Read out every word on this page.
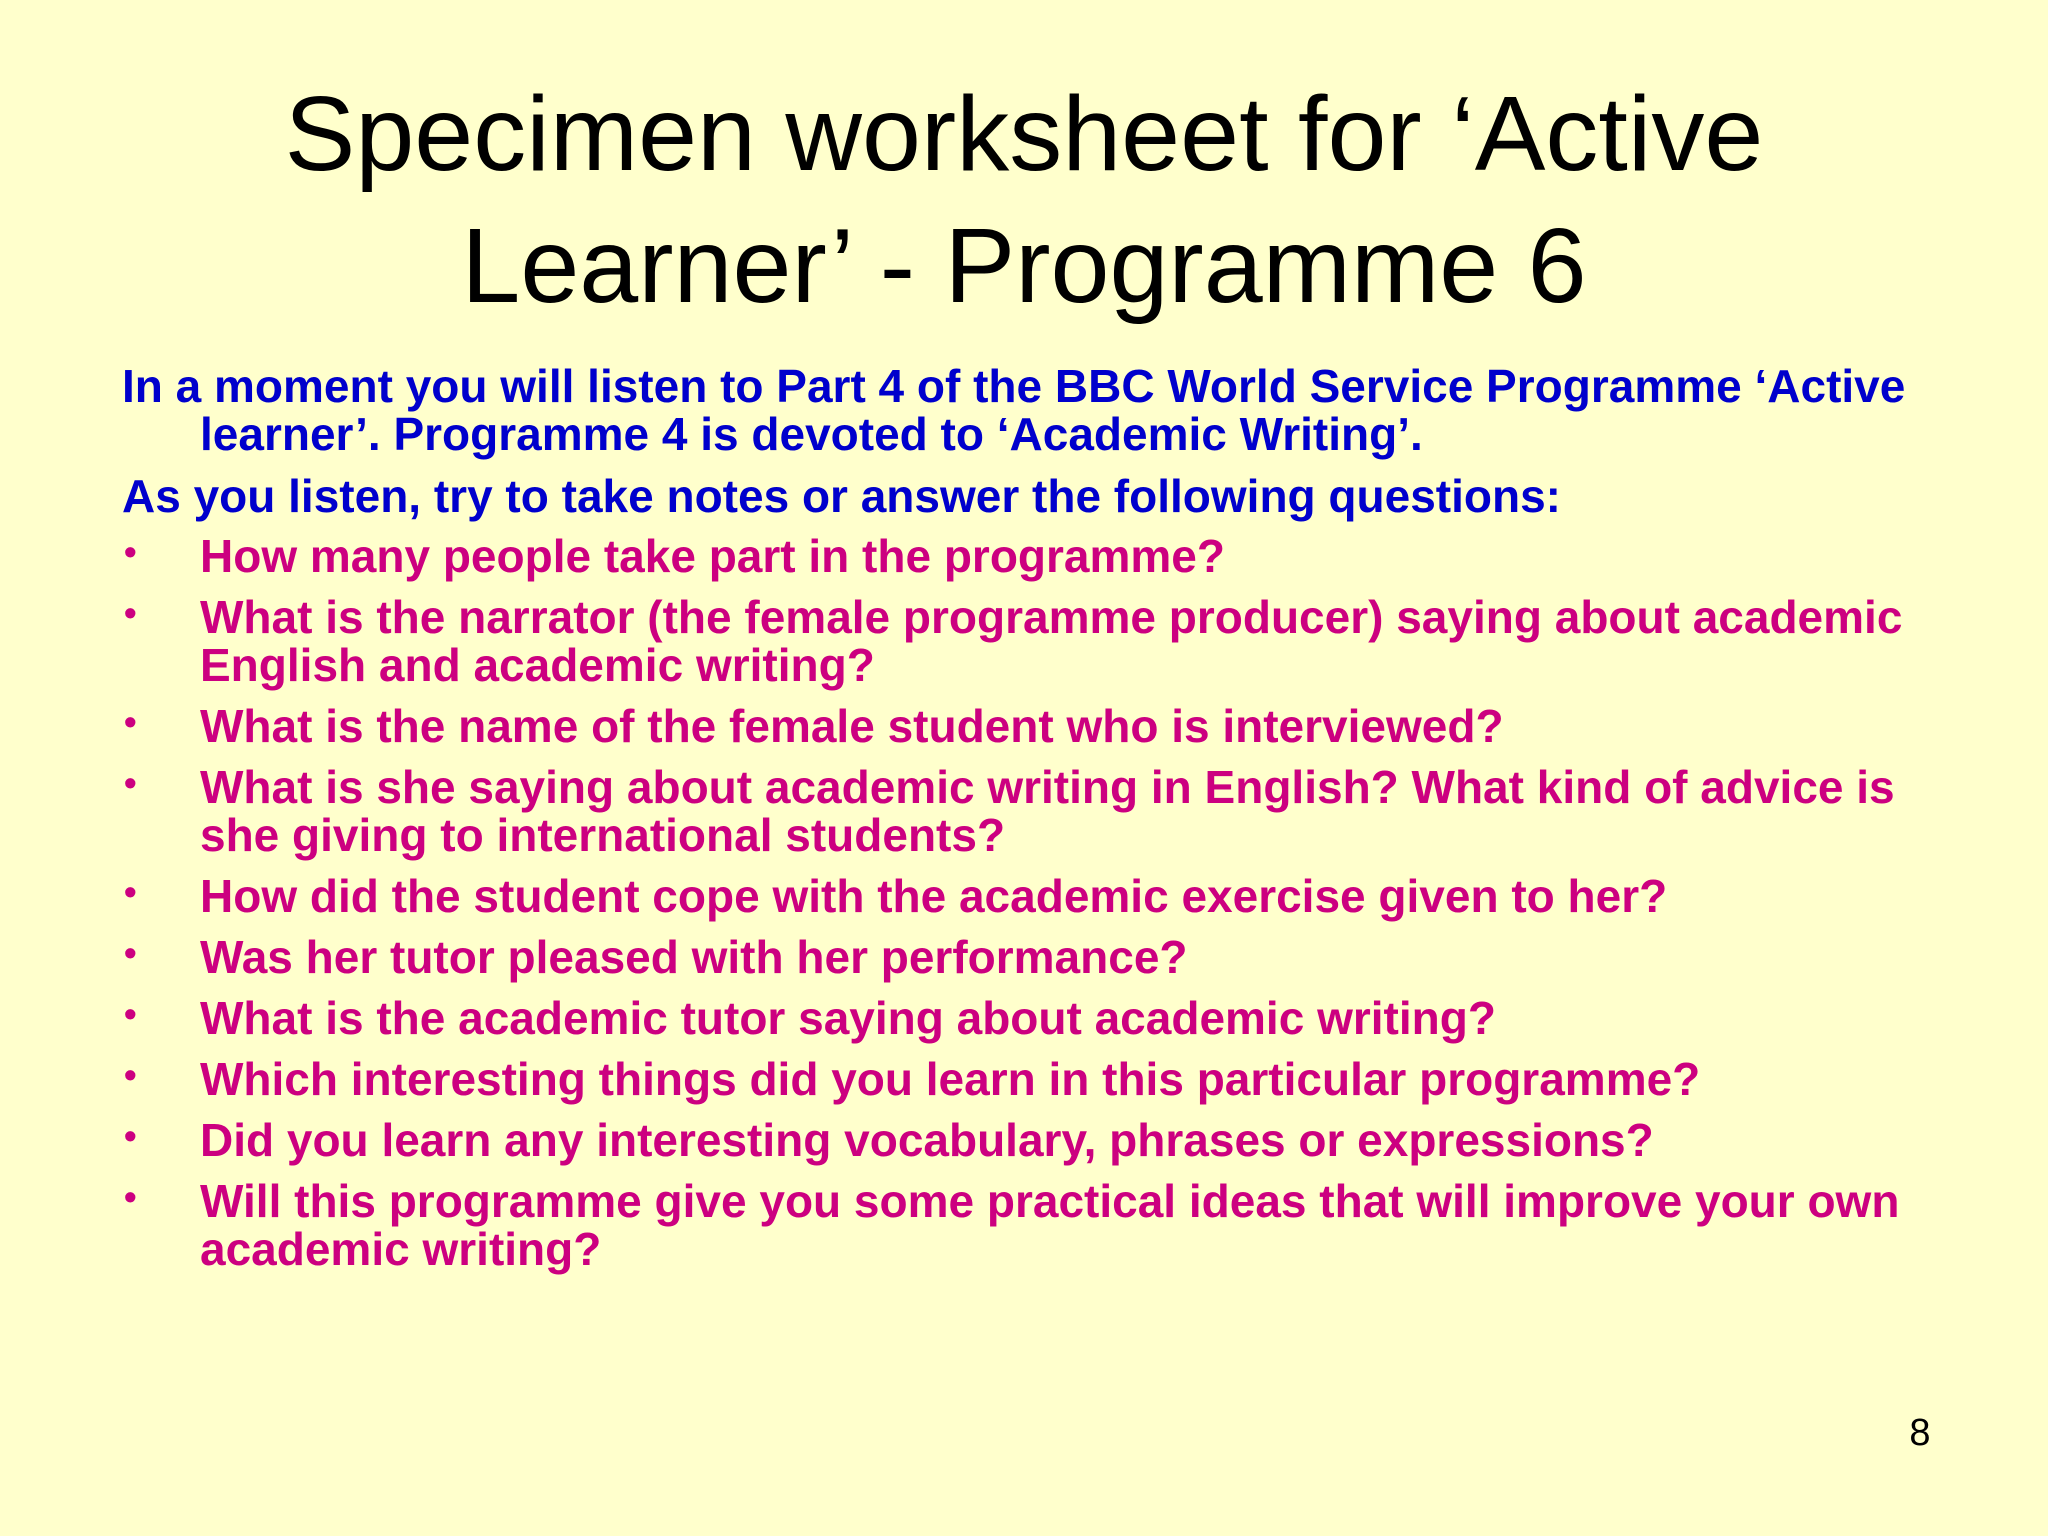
Specimen worksheet for ‘Active Learner’ - Programme 6

In a moment you will listen to Part 4 of the BBC World Service Programme ‘Active learner’. Programme 4 is devoted to ‘Academic Writing’.

As you listen, try to take notes or answer the following questions:

• How many people take part in the programme?
• What is the narrator (the female programme producer) saying about academic English and academic writing?
• What is the name of the female student who is interviewed?
• What is she saying about academic writing in English? What kind of advice is she giving to international students?
• How did the student cope with the academic exercise given to her?
• Was her tutor pleased with her performance?
• What is the academic tutor saying about academic writing?
• Which interesting things did you learn in this particular programme?
• Did you learn any interesting vocabulary, phrases or expressions?
• Will this programme give you some practical ideas that will improve your own academic writing?
8
